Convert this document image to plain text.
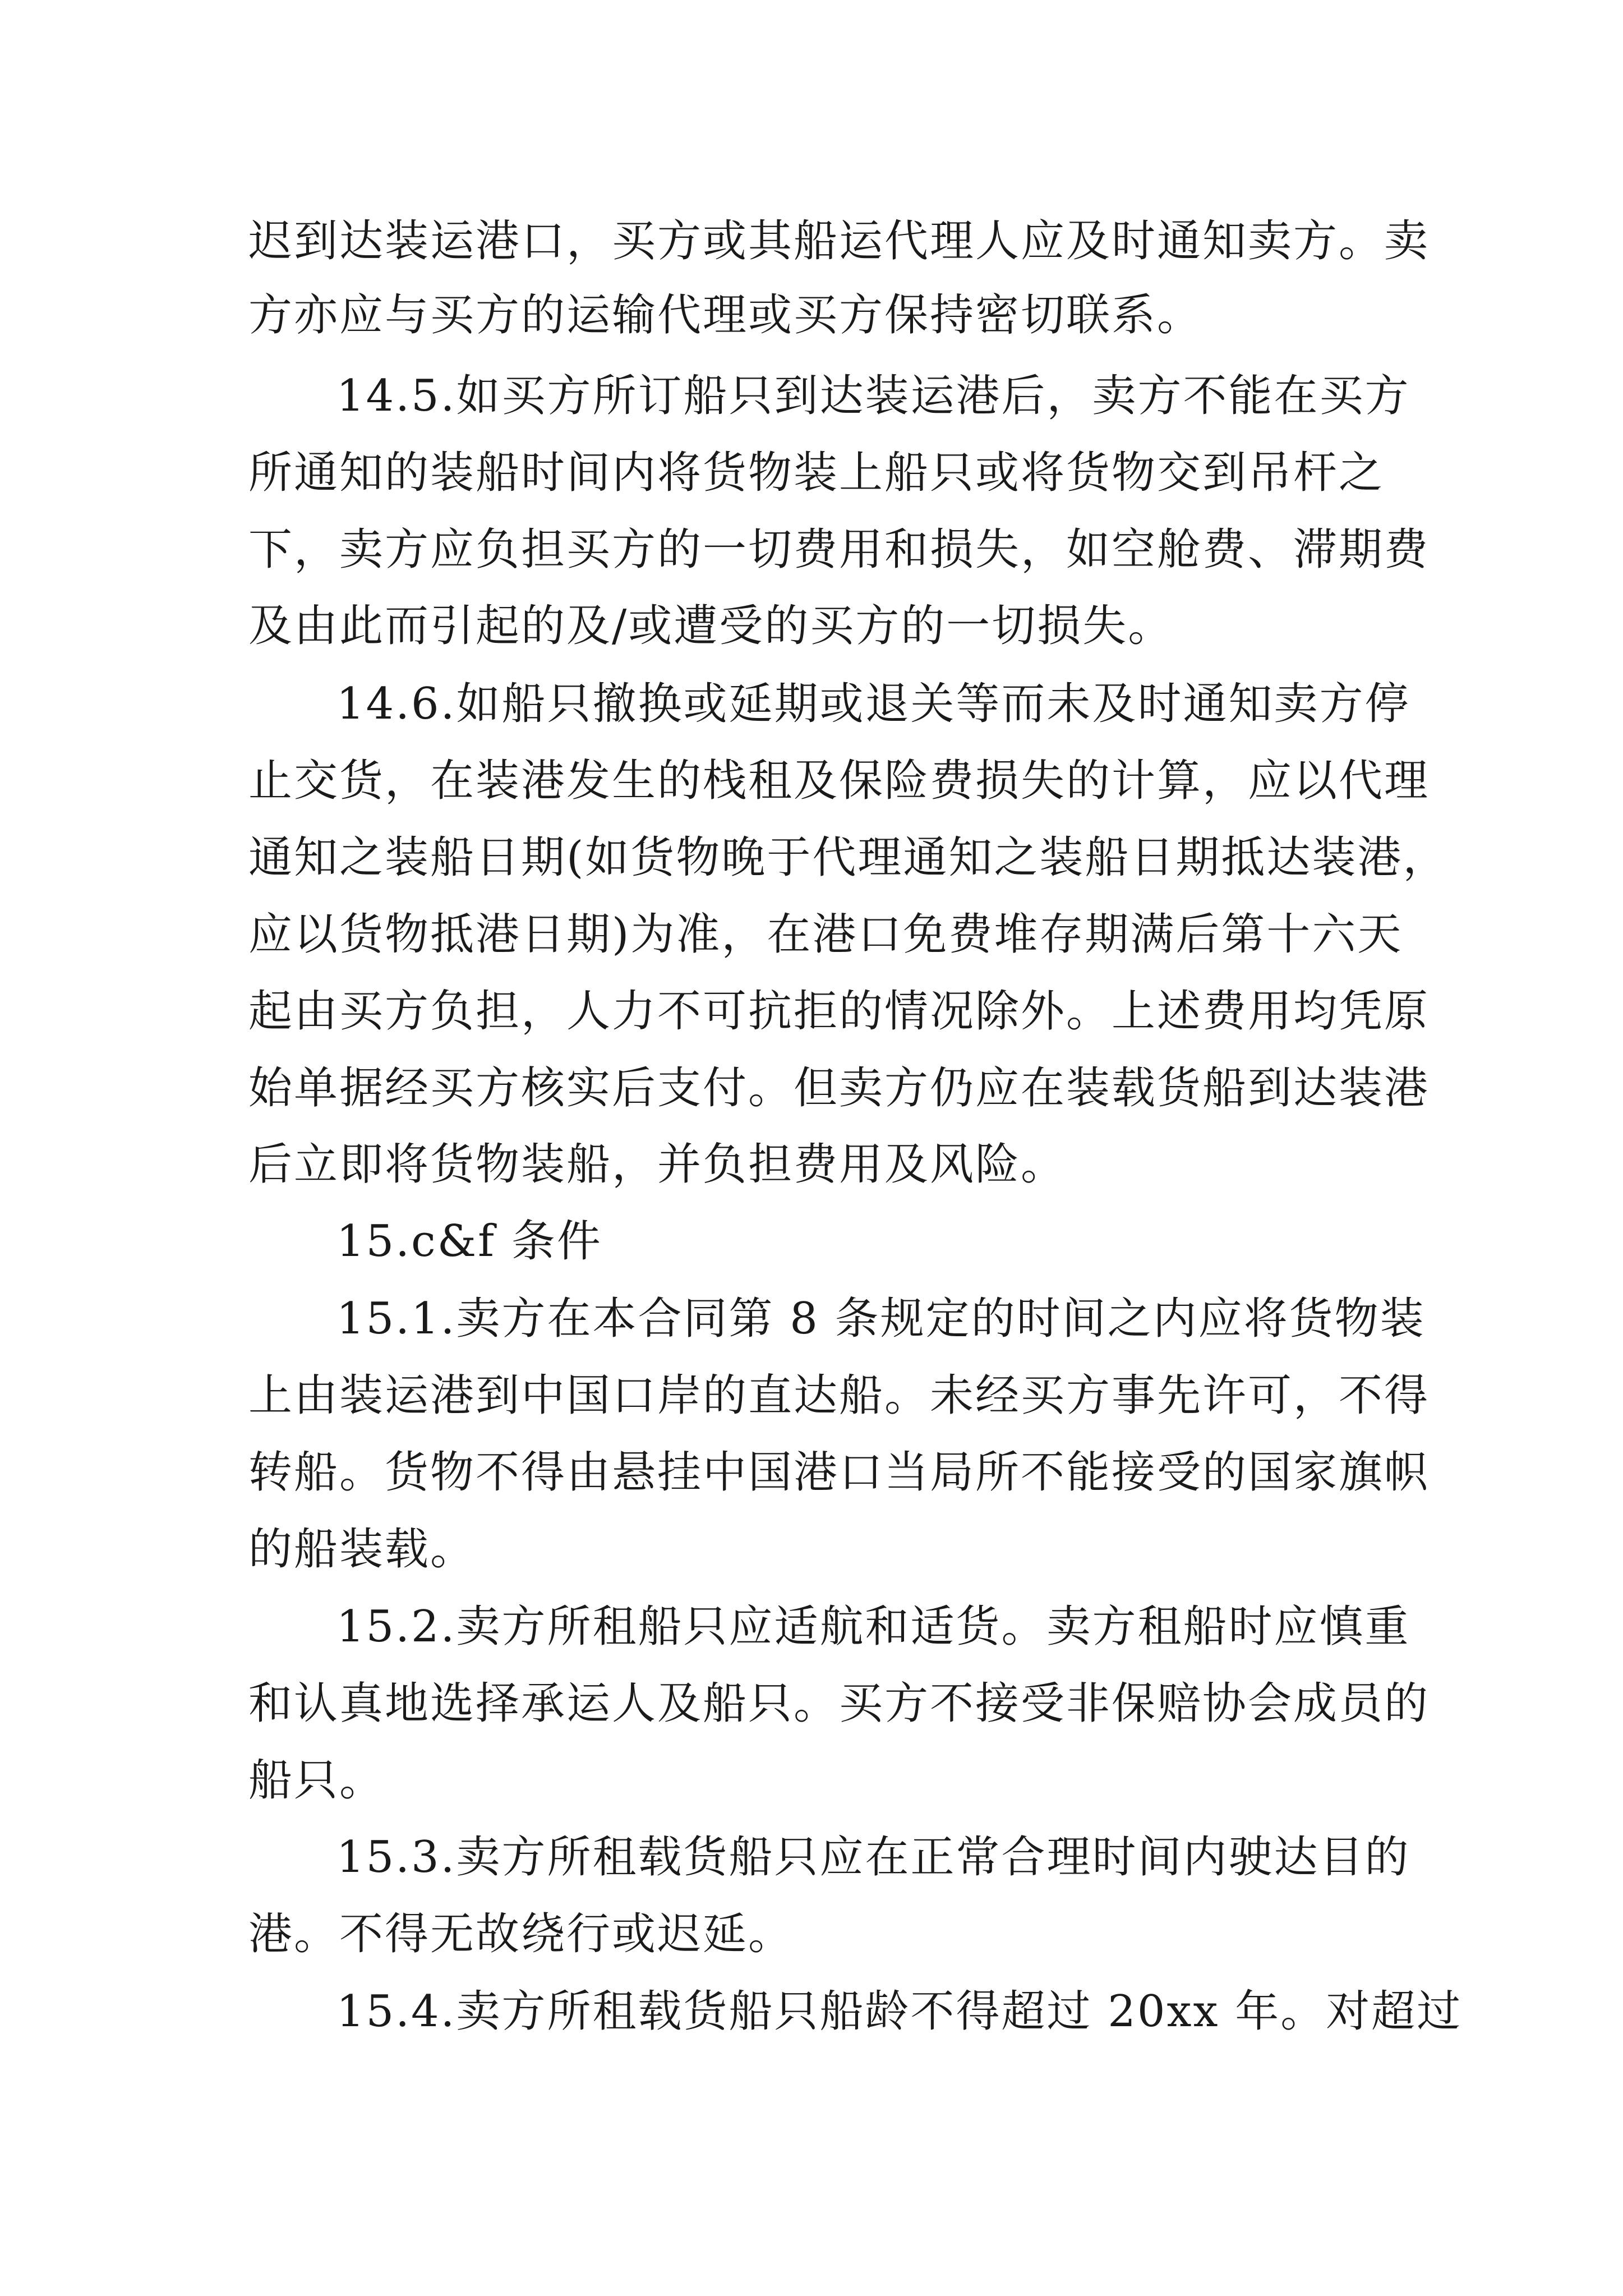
迟到达装运港口，买方或其船运代理人应及时通知卖方。卖

方亦应与买方的运输代理或买方保持密切联系。

14.5.如买方所订船只到达装运港后，卖方不能在买方

所通知的装船时间内将货物装上船只或将货物交到吊杆之

下，卖方应负担买方的一切费用和损失，如空舱费、滞期费

及由此而引起的及/或遭受的买方的一切损失。

14.6.如船只撤换或延期或退关等而未及时通知卖方停

止交货，在装港发生的栈租及保险费损失的计算，应以代理

通知之装船日期(如货物晚于代理通知之装船日期抵达装港，

应以货物抵港日期)为准，在港口免费堆存期满后第十六天

起由买方负担，人力不可抗拒的情况除外。上述费用均凭原

始单据经买方核实后支付。但卖方仍应在装载货船到达装港

后立即将货物装船，并负担费用及风险。

15.c&f 条件

15.1.卖方在本合同第 8 条规定的时间之内应将货物装

上由装运港到中国口岸的直达船。未经买方事先许可，不得

转船。货物不得由悬挂中国港口当局所不能接受的国家旗帜

的船装载。

15.2.卖方所租船只应适航和适货。卖方租船时应慎重

和认真地选择承运人及船只。买方不接受非保赔协会成员的

船只。

15.3.卖方所租载货船只应在正常合理时间内驶达目的

港。不得无故绕行或迟延。

15.4.卖方所租载货船只船龄不得超过 20xx 年。对超过
